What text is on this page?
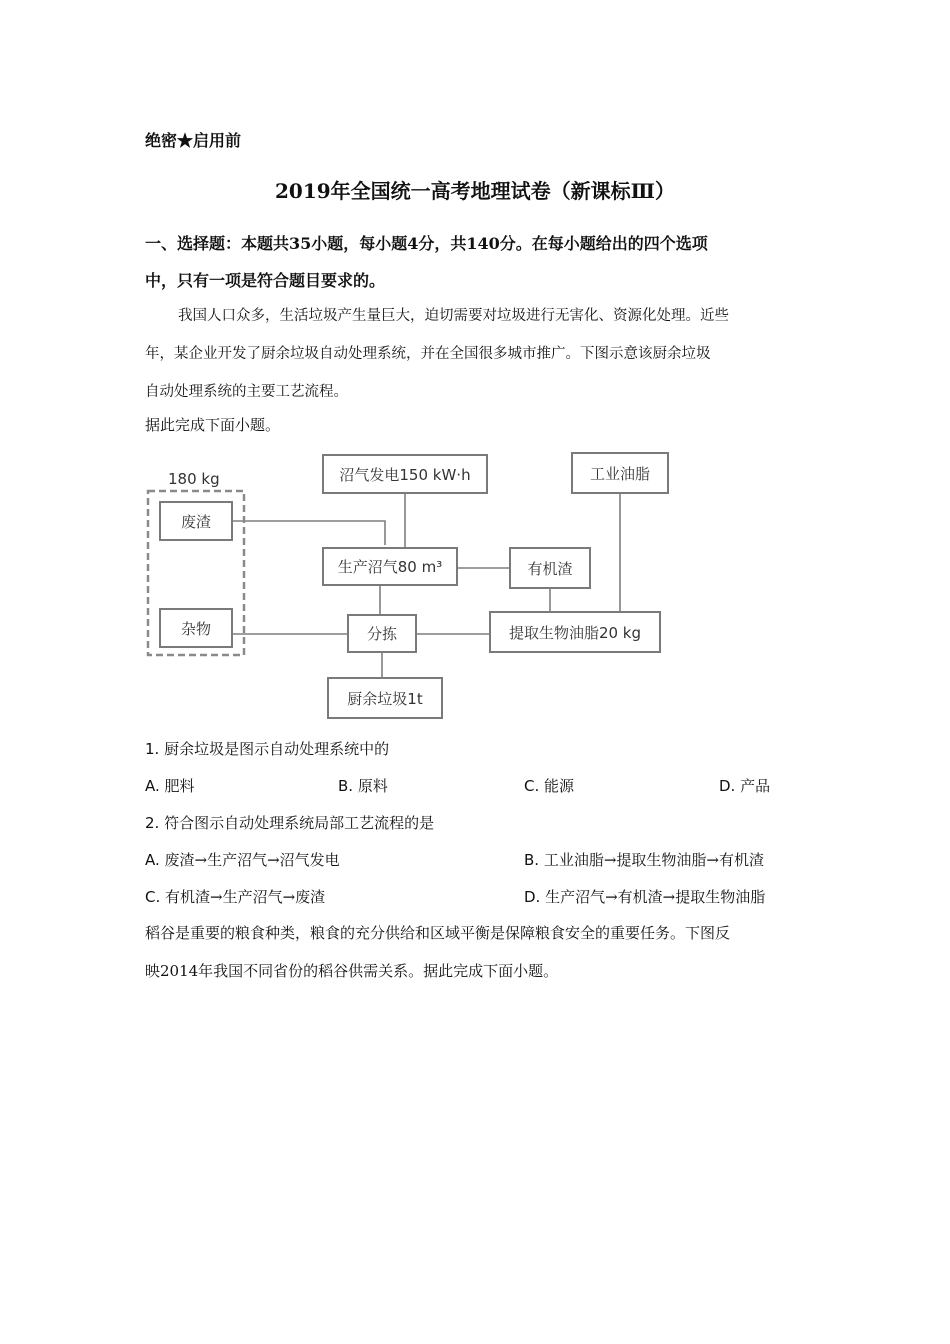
绝密★启用前
2019年全国统一高考地理试卷（新课标Ⅲ）
一、选择题：本题共35小题，每小题4分，共140分。在每小题给出的四个选项
中，只有一项是符合题目要求的。
我国人口众多，生活垃圾产生量巨大，迫切需要对垃圾进行无害化、资源化处理。近些
年，某企业开发了厨余垃圾自动处理系统，并在全国很多城市推广。下图示意该厨余垃圾
自动处理系统的主要工艺流程。
据此完成下面小题。
180 kg
废渣
杂物
沼气发电150 kW·h	工业油脂
生产沼气80 m³	有机渣
分拣	提取生物油脂20 kg
厨余垃圾1t
1. 厨余垃圾是图示自动处理系统中的
A. 肥料	B. 原料	C. 能源	D. 产品
2. 符合图示自动处理系统局部工艺流程的是
A. 废渣→生产沼气→沼气发电	B. 工业油脂→提取生物油脂→有机渣
C. 有机渣→生产沼气→废渣	D. 生产沼气→有机渣→提取生物油脂
稻谷是重要的粮食种类，粮食的充分供给和区域平衡是保障粮食安全的重要任务。下图反
映2014年我国不同省份的稻谷供需关系。据此完成下面小题。
